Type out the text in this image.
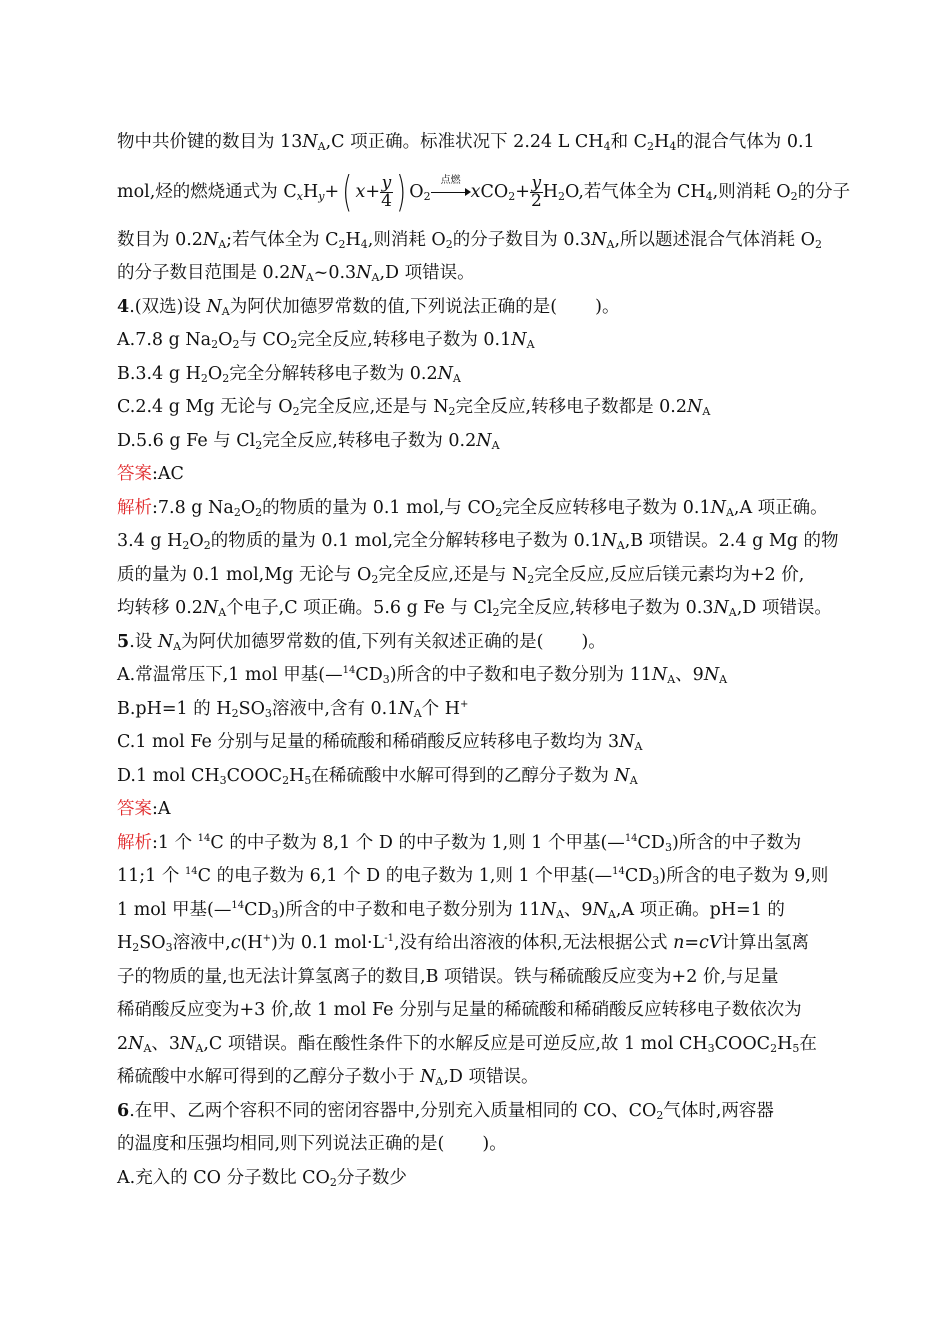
物中共价键的数目为 $13N_A,C$ 项正确。标准状况下 2.24 L $CH_4$和 $C_2H_4$的混合气体为 0.1
mol,烃的燃烧通式为 $C_xH_y+$( $x+ \frac{y}{4}$ ) $O_2$
点燃
$xCO_2+ \frac{y}{2} H_2O$,若气体全为 $CH_4$,则消耗 $O_2$的分子
数目为 $0.2N_A$;若气体全为 $C_2H_4$,则消耗 $O_2$的分子数目为 $0.3N_A$,所以题述混合气体消耗 $O_2$
的分子数目范围是 $0.2N_A\sim 0.3N_A,D$ 项错误。
4.(双选)设 $N_A$为阿伏加德罗常数的值,下列说法正确的是( )。
A.7.8 g $Na_2O_2$与 $CO_2$完全反应,转移电子数为 $0.1N_A$
B.3.4 g $H_2O_2$完全分解转移电子数为 $0.2N_A$
C.2.4 g Mg 无论与 $O_2$完全反应,还是与 $N_2$完全反应,转移电子数都是 $0.2N_A$
D.5.6 g Fe 与 $Cl_2$完全反应,转移电子数为 $0.2N_A$
答案:AC
解析:7.8 g $Na_2O_2$的物质的量为 0.1 mol,与 $CO_2$完全反应转移电子数为 $0.1N_A,A$ 项正确。
3.4 g $H_2O_2$的物质的量为 0.1 mol,完全分解转移电子数为 $0.1N_A,B$ 项错误。2.4 g Mg 的物
质的量为 0.1 mol,Mg 无论与 $O_2$完全反应,还是与 $N_2$完全反应,反应后镁元素均为+2 价,
均转移 $0.2N_A$个电子,C 项正确。5.6 g Fe 与 $Cl_2$完全反应,转移电子数为 $0.3N_A,D$ 项错误。
5.设 $N_A$为阿伏加德罗常数的值,下列有关叙述正确的是( )。
A.常温常压下,1 mol 甲基$(—^{14}CD_3)$所含的中子数和电子数分别为 $11N_A$、$9N_A$
B.pH=1 的 $H_2SO_3$溶液中,含有 $0.1N_A$个 H+
C.1 mol Fe 分别与足量的稀硫酸和稀硝酸反应转移电子数均为 $3N_A$
D.1 mol $CH_3COOC_2H_5$在稀硫酸中水解可得到的乙醇分子数为 $N_A$
答案:A
解析:1 个 $^{14}$C 的中子数为 8,1 个 D 的中子数为 1,则 1 个甲基$(—^{14}CD_3)$所含的中子数为
11;1 个 $^{14}$C 的电子数为 6,1 个 D 的电子数为 1,则 1 个甲基$(—^{14}CD_3)$所含的电子数为 9,则
1 mol 甲基$(—^{14}CD_3)$所含的中子数和电子数分别为 $11N_A$、$9N_A,A$ 项正确。pH=1 的
$H_2SO_3$溶液中,c(H+)为 0.1 $mol\cdot L^{-1}$,没有给出溶液的体积,无法根据公式 n=cV计算出氢离
子的物质的量,也无法计算氢离子的数目,B 项错误。铁与稀硫酸反应变为+2 价,与足量
稀硝酸反应变为+3 价,故 1 mol Fe 分别与足量的稀硫酸和稀硝酸反应转移电子数依次为
$2N_A$、$3N_A,C$ 项错误。酯在酸性条件下的水解反应是可逆反应,故 1 mol $CH_3COOC_2H_5$在
稀硫酸中水解可得到的乙醇分子数小于 $N_A,D$ 项错误。
6.在甲、乙两个容积不同的密闭容器中,分别充入质量相同的 CO、$CO_2$气体时,两容器
的温度和压强均相同,则下列说法正确的是( )。
A.充入的 CO 分子数比 $CO_2$分子数少
